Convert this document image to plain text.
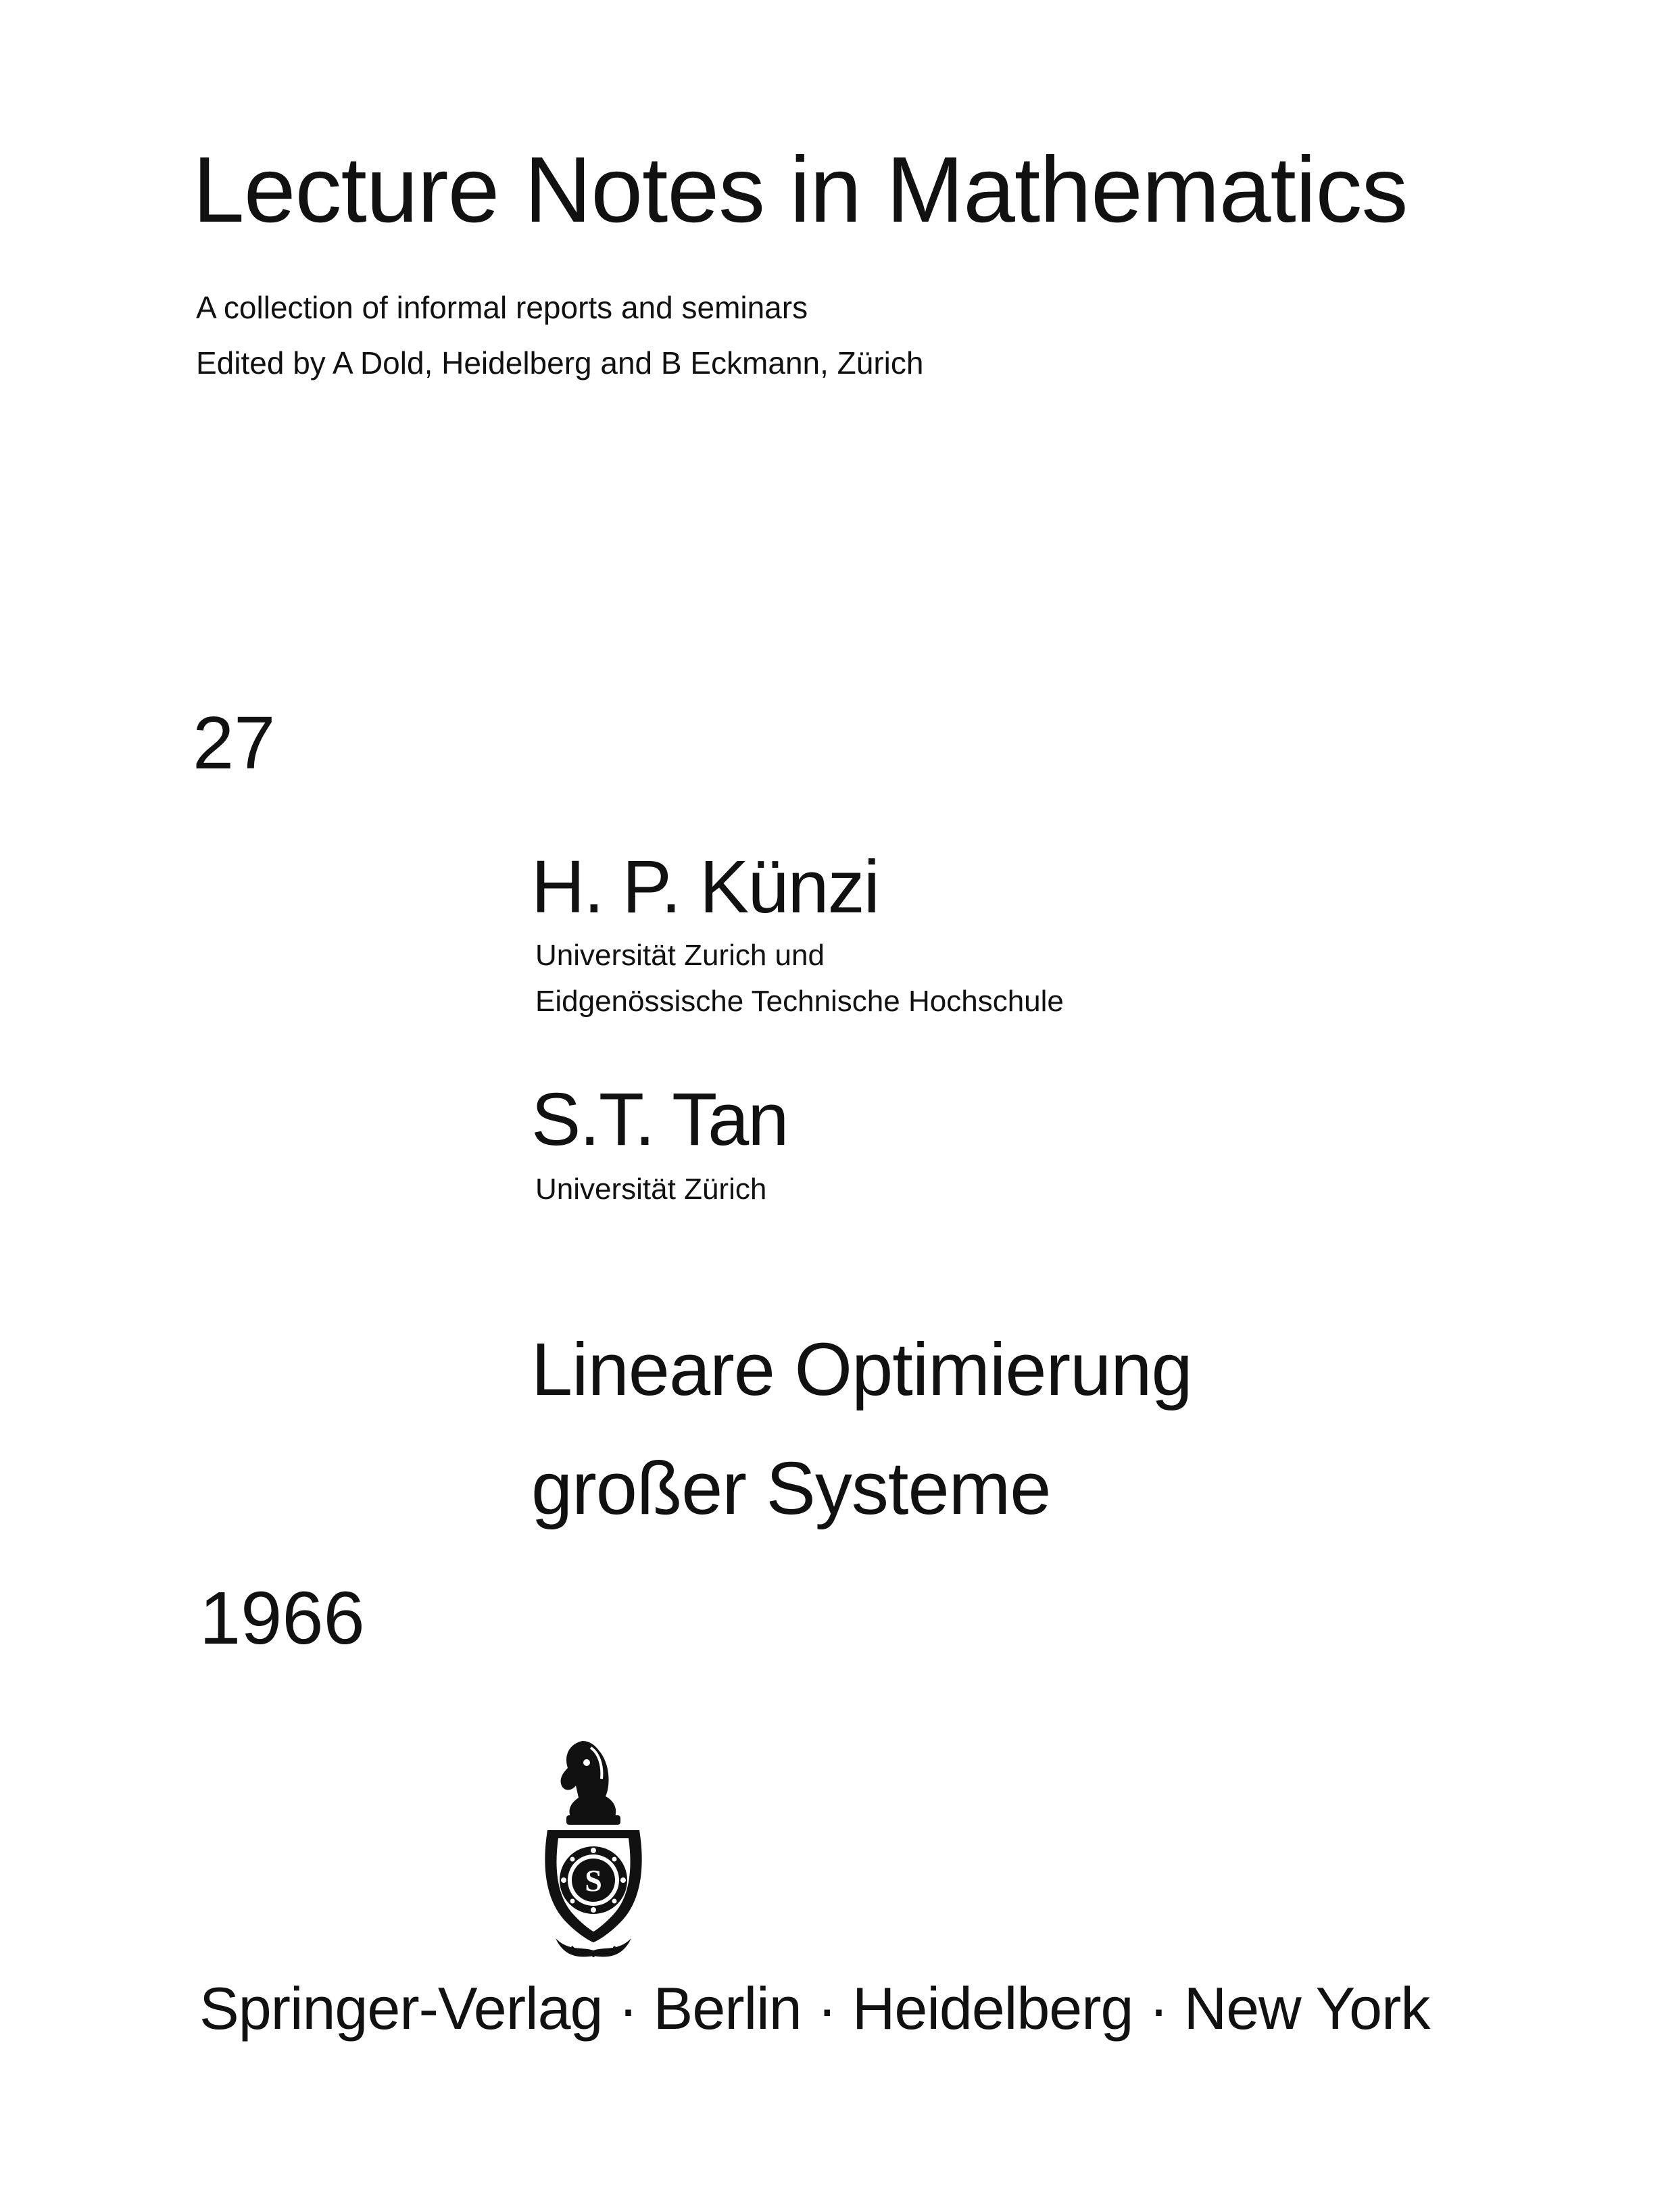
Lecture Notes in Mathematics
A collection of informal reports and seminars
Edited by A Dold, Heidelberg and B Eckmann, Zürich
27
H. P. Künzi
Universität Zurich und
Eidgenössische Technische Hochschule
S.T. Tan
Universität Zürich
Lineare Optimierung
großer Systeme
1966
S
Springer-Verlag · Berlin · Heidelberg · New York
